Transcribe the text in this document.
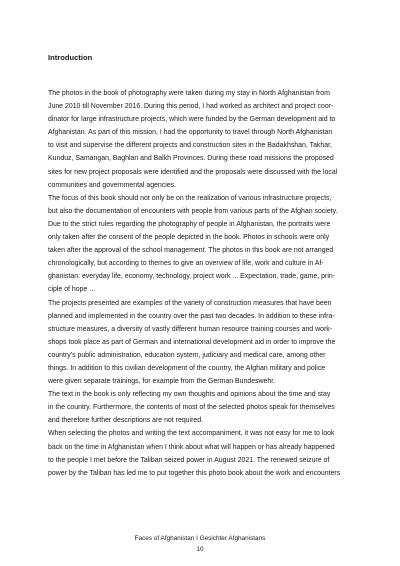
Introduction
The photos in the book of photography were taken during my stay in North Afghanistan from
June 2010 till November 2016. During this period, I had worked as architect and project coor-
dinator for large infrastructure projects, which were funded by the German development aid to
Afghanistan. As part of this mission, I had the opportunity to travel through North Afghanistan
to visit and supervise the different projects and construction sites in the Badakhshan, Takhar,
Kunduz, Samangan, Baghlan and Balkh Provinces. During these road missions the proposed
sites for new project proposals were identified and the proposals were discussed with the local
communities and governmental agencies.
The focus of this book should not only be on the realization of various infrastructure projects,
but also the documentation of encounters with people from various parts of the Afghan society.
Due to the strict rules regarding the photography of people in Afghanistan, the portraits were
only taken after the consent of the people depicted in the book. Photos in schools were only
taken after the approval of the school management. The photos in this book are not arranged
chronologically, but according to themes to give an overview of life, work and culture in Af-
ghanistan: everyday life, economy, technology, project work ... Expectation, trade, game, prin-
ciple of hope ...
The projects presented are examples of the variety of construction measures that have been
planned and implemented in the country over the past two decades. In addition to these infra-
structure measures, a diversity of vastly different human resource training courses and work-
shops took place as part of German and international development aid in order to improve the
country's public administration, education system, judiciary and medical care, among other
things. In addition to this civilian development of the country, the Afghan military and police
were given separate trainings, for example from the German Bundeswehr.
The text in the book is only reflecting my own thoughts and opinions about the time and stay
in the country. Furthermore, the contents of most of the selected photos speak for themselves
and therefore further descriptions are not required.
When selecting the photos and writing the text accompaniment, it was not easy for me to look
back on the time in Afghanistan when I think about what will happen or has already happened
to the people I met before the Taliban seized power in August 2021. The renewed seizure of
power by the Taliban has led me to put together this photo book about the work and encounters
Faces of Afghanistan I Gesichter Afghanistans
10
